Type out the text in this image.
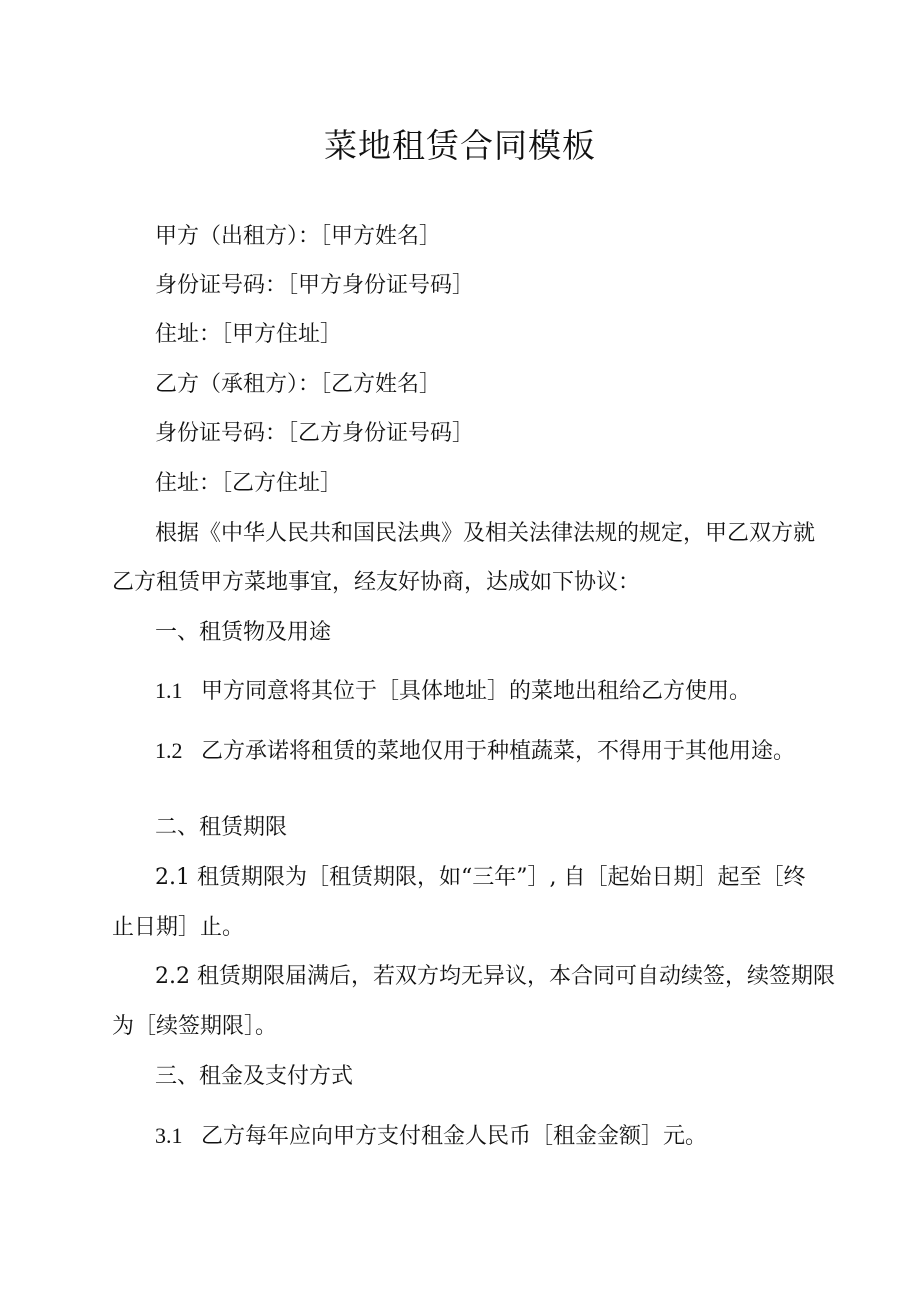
菜地租赁合同模板
甲方（出租方）：［甲方姓名］
身份证号码：［甲方身份证号码］
住址：［甲方住址］
乙方（承租方）：［乙方姓名］
身份证号码：［乙方身份证号码］
住址：［乙方住址］
根据《中华人民共和国民法典》及相关法律法规的规定，甲乙双方就
乙方租赁甲方菜地事宜，经友好协商，达成如下协议：
一、租赁物及用途
1.1 甲方同意将其位于［具体地址］的菜地出租给乙方使用。
1.2 乙方承诺将租赁的菜地仅用于种植蔬菜，不得用于其他用途。
二、租赁期限
2.1 租赁期限为［租赁期限，如“三年”］, 自［起始日期］起至［终
止日期］止。
2.2 租赁期限届满后，若双方均无异议，本合同可自动续签，续签期限
为［续签期限］。
三、租金及支付方式
3.1 乙方每年应向甲方支付租金人民币［租金金额］元。
